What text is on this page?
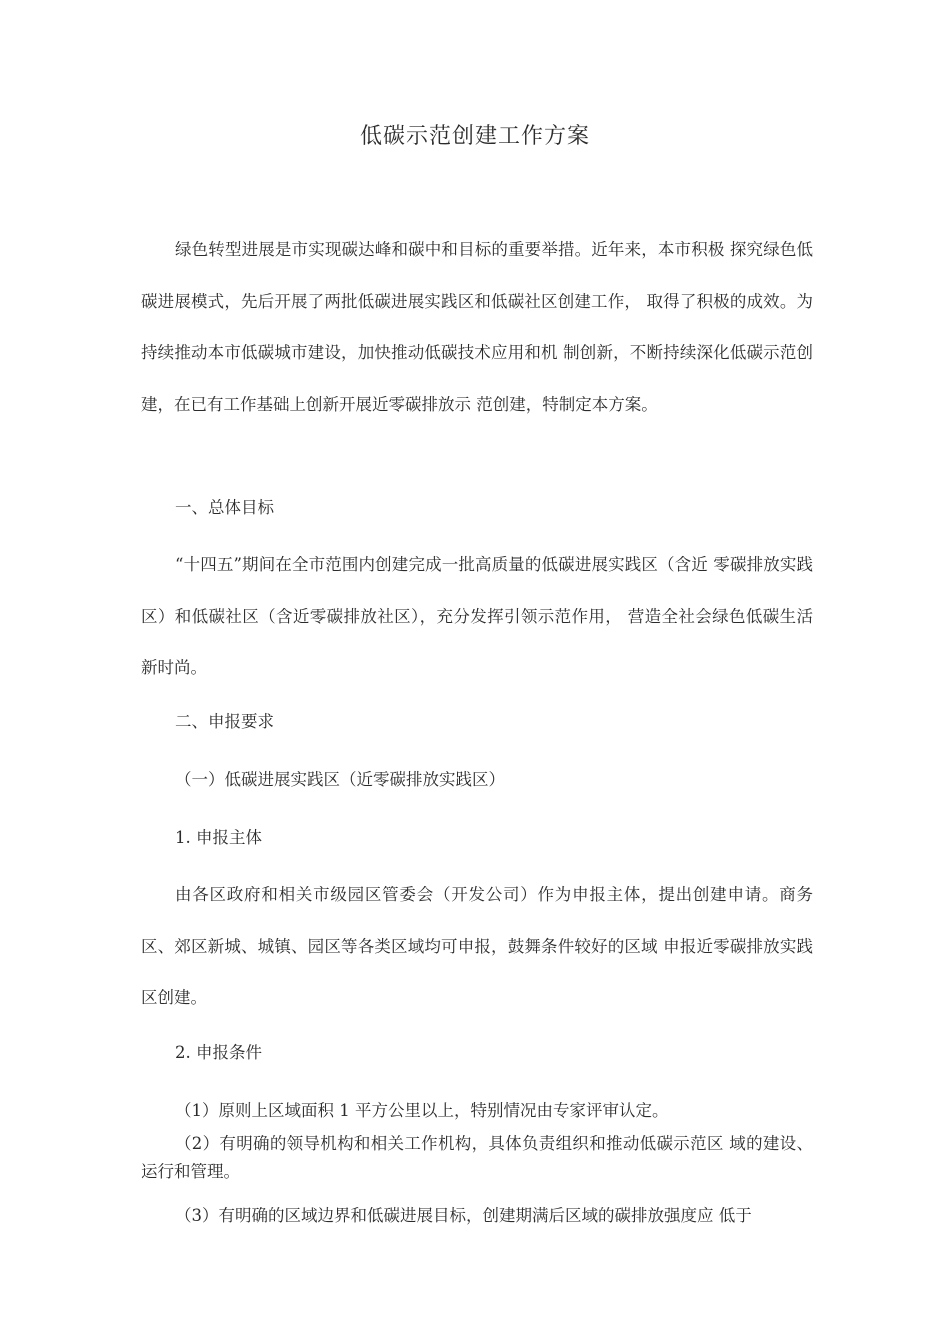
低碳示范创建工作方案
绿色转型进展是市实现碳达峰和碳中和目标的重要举措。近年来，本市积极 探究绿色低碳进展模式，先后开展了两批低碳进展实践区和低碳社区创建工作， 取得了积极的成效。为持续推动本市低碳城市建设，加快推动低碳技术应用和机 制创新，不断持续深化低碳示范创建，在已有工作基础上创新开展近零碳排放示 范创建，特制定本方案。
一、总体目标
“十四五”期间在全市范围内创建完成一批高质量的低碳进展实践区（含近 零碳排放实践区）和低碳社区（含近零碳排放社区），充分发挥引领示范作用， 营造全社会绿色低碳生活新时尚。
二、申报要求
（一）低碳进展实践区（近零碳排放实践区）
1. 申报主体
由各区政府和相关市级园区管委会（开发公司）作为申报主体，提出创建申请。商务区、郊区新城、城镇、园区等各类区域均可申报，鼓舞条件较好的区域 申报近零碳排放实践区创建。
2. 申报条件
（1）原则上区域面积 1 平方公里以上，特别情况由专家评审认定。
（2）有明确的领导机构和相关工作机构，具体负责组织和推动低碳示范区 域的建设、运行和管理。
（3）有明确的区域边界和低碳进展目标，创建期满后区域的碳排放强度应 低于
